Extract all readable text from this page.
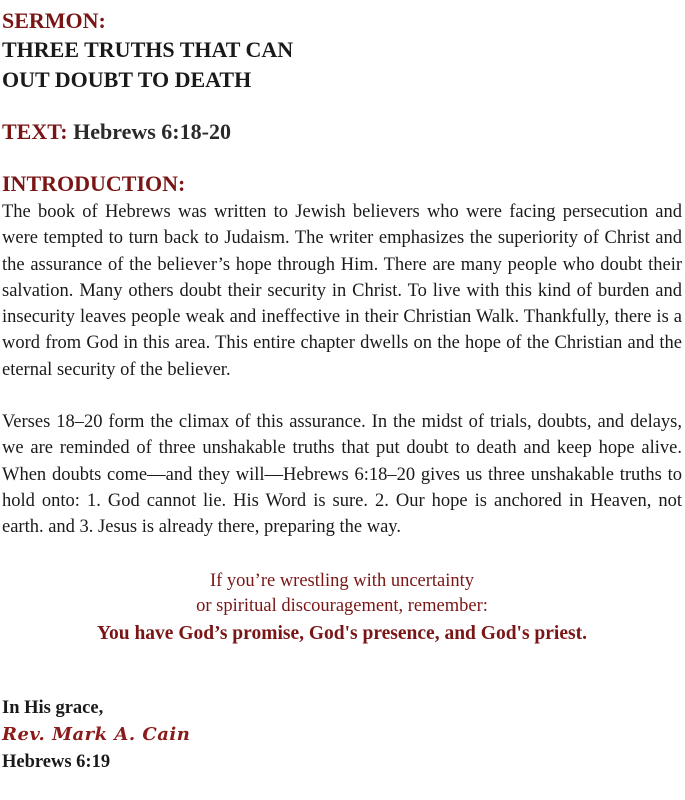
SERMON:
THREE TRUTHS THAT CAN
OUT DOUBT TO DEATH
TEXT: Hebrews 6:18-20
INTRODUCTION:

The book of Hebrews was written to Jewish believers who were facing persecution and were tempted to turn back to Judaism. The writer emphasizes the superiority of Christ and the assurance of the believer’s hope through Him. There are many people who doubt their salvation. Many others doubt their security in Christ. To live with this kind of burden and insecurity leaves people weak and ineffective in their Christian Walk. Thankfully, there is a word from God in this area. This entire chapter dwells on the hope of the Christian and the eternal security of the believer.

Verses 18–20 form the climax of this assurance. In the midst of trials, doubts, and delays, we are reminded of three unshakable truths that put doubt to death and keep hope alive. When doubts come—and they will—Hebrews 6:18–20 gives us three unshakable truths to hold onto: 1. God cannot lie. His Word is sure. 2. Our hope is anchored in Heaven, not earth. and 3. Jesus is already there, preparing the way.

If you’re wrestling with uncertainty
or spiritual discouragement, remember:
You have God’s promise, God's presence, and God's priest.
In His grace,
Rev. Mark A. Cain
Hebrews 6:19
